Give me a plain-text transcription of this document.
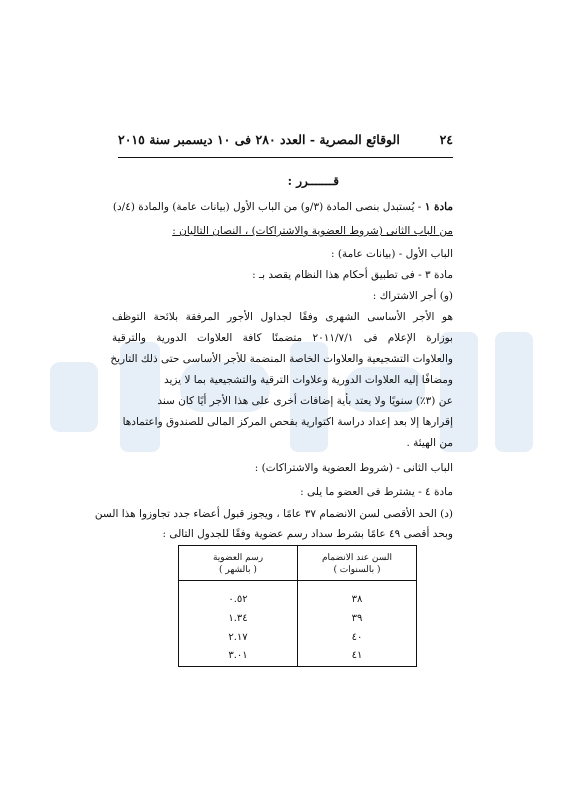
٢٤
الوقائع المصرية - العدد ٢٨٠ فى ١٠ ديسمبر سنة ٢٠١٥
قـــــــرر :
مادة ١ - يُستبدل بنصى المادة (٣/و) من الباب الأول (بيانات عامة) والمادة (٤/د)
من الباب الثانى (شروط العضوية والاشتراكات) ، النصان التاليان :
الباب الأول - (بيانات عامة) :
مادة ٣ - فى تطبيق أحكام هذا النظام يقصد بـ :
(و) أجر الاشتراك :
هو الأجر الأساسى الشهرى وفقًا لجداول الأجور المرفقة بلائحة التوظف
بوزارة الإعلام فى ٢٠١١/٧/١ متضمنًا كافة العلاوات الدورية والترقية
والعلاوات التشجيعية والعلاوات الخاصة المنضمة للأجر الأساسى حتى ذلك التاريخ
ومضافًا إليه العلاوات الدورية وعلاوات الترقية والتشجيعية بما لا يزيد
عن (٣٪) سنويًا ولا يعتد بأية إضافات أخرى على هذا الأجر أيًا كان سند
إقرارها إلا بعد إعداد دراسة اكتوارية بفحص المركز المالى للصندوق واعتمادها
من الهيئة .
الباب الثانى - (شروط العضوية والاشتراكات) :
مادة ٤ - يشترط فى العضو ما يلى :
(د) الحد الأقصى لسن الانضمام ٣٧ عامًا ، ويجوز قبول أعضاء جدد تجاوزوا هذا السن
وبحد أقصى ٤٩ عامًا بشرط سداد رسم عضوية وفقًا للجدول التالى :
السن عند الانضمام
( بالسنوات )
رسم العضوية
( بالشهر )
٣٨
٠.٥٢
٣٩
١.٣٤
٤٠
٢.١٧
٤١
٣.٠١
